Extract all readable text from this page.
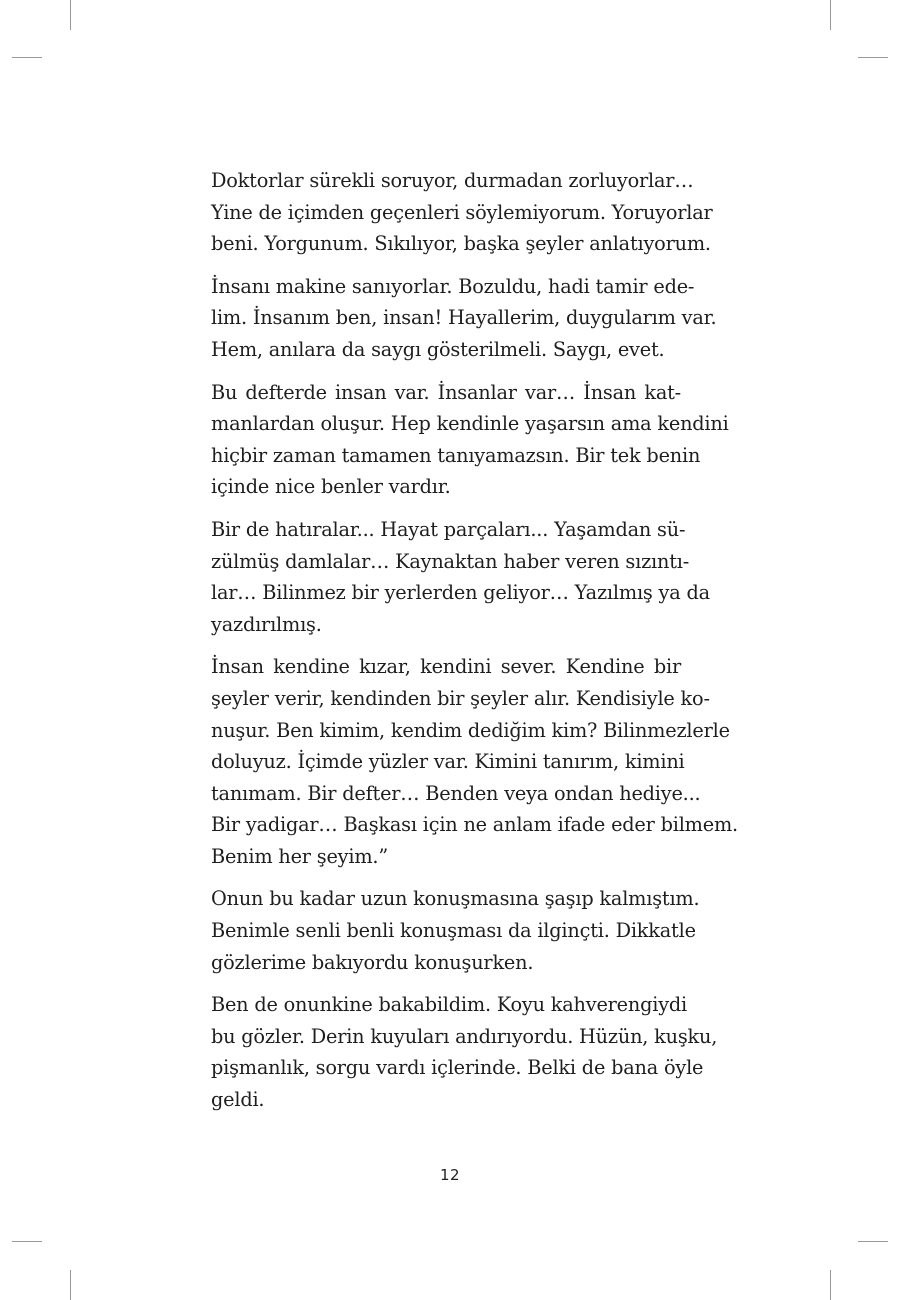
Doktorlar sürekli soruyor, durmadan zorluyorlar…
Yine de içimden geçenleri söylemiyorum. Yoruyorlar
beni. Yorgunum. Sıkılıyor, başka şeyler anlatıyorum.

İnsanı makine sanıyorlar. Bozuldu, hadi tamir ede-
lim. İnsanım ben, insan! Hayallerim, duygularım var.
Hem, anılara da saygı gösterilmeli. Saygı, evet.

Bu defterde insan var. İnsanlar var… İnsan kat-
manlardan oluşur. Hep kendinle yaşarsın ama kendini
hiçbir zaman tamamen tanıyamazsın. Bir tek benin
içinde nice benler vardır.

Bir de hatıralar... Hayat parçaları... Yaşamdan sü-
zülmüş damlalar… Kaynaktan haber veren sızıntı-
lar… Bilinmez bir yerlerden geliyor… Yazılmış ya da
yazdırılmış.

İnsan kendine kızar, kendini sever. Kendine bir
şeyler verir, kendinden bir şeyler alır. Kendisiyle ko-
nuşur. Ben kimim, kendim dediğim kim? Bilinmezlerle
doluyuz. İçimde yüzler var. Kimini tanırım, kimini
tanımam. Bir defter… Benden veya ondan hediye...
Bir yadigar… Başkası için ne anlam ifade eder bilmem.
Benim her şeyim.”

Onun bu kadar uzun konuşmasına şaşıp kalmıştım.
Benimle senli benli konuşması da ilginçti. Dikkatle
gözlerime bakıyordu konuşurken.

Ben de onunkine bakabildim. Koyu kahverengiydi
bu gözler. Derin kuyuları andırıyordu. Hüzün, kuşku,
pişmanlık, sorgu vardı içlerinde. Belki de bana öyle
geldi.

12
